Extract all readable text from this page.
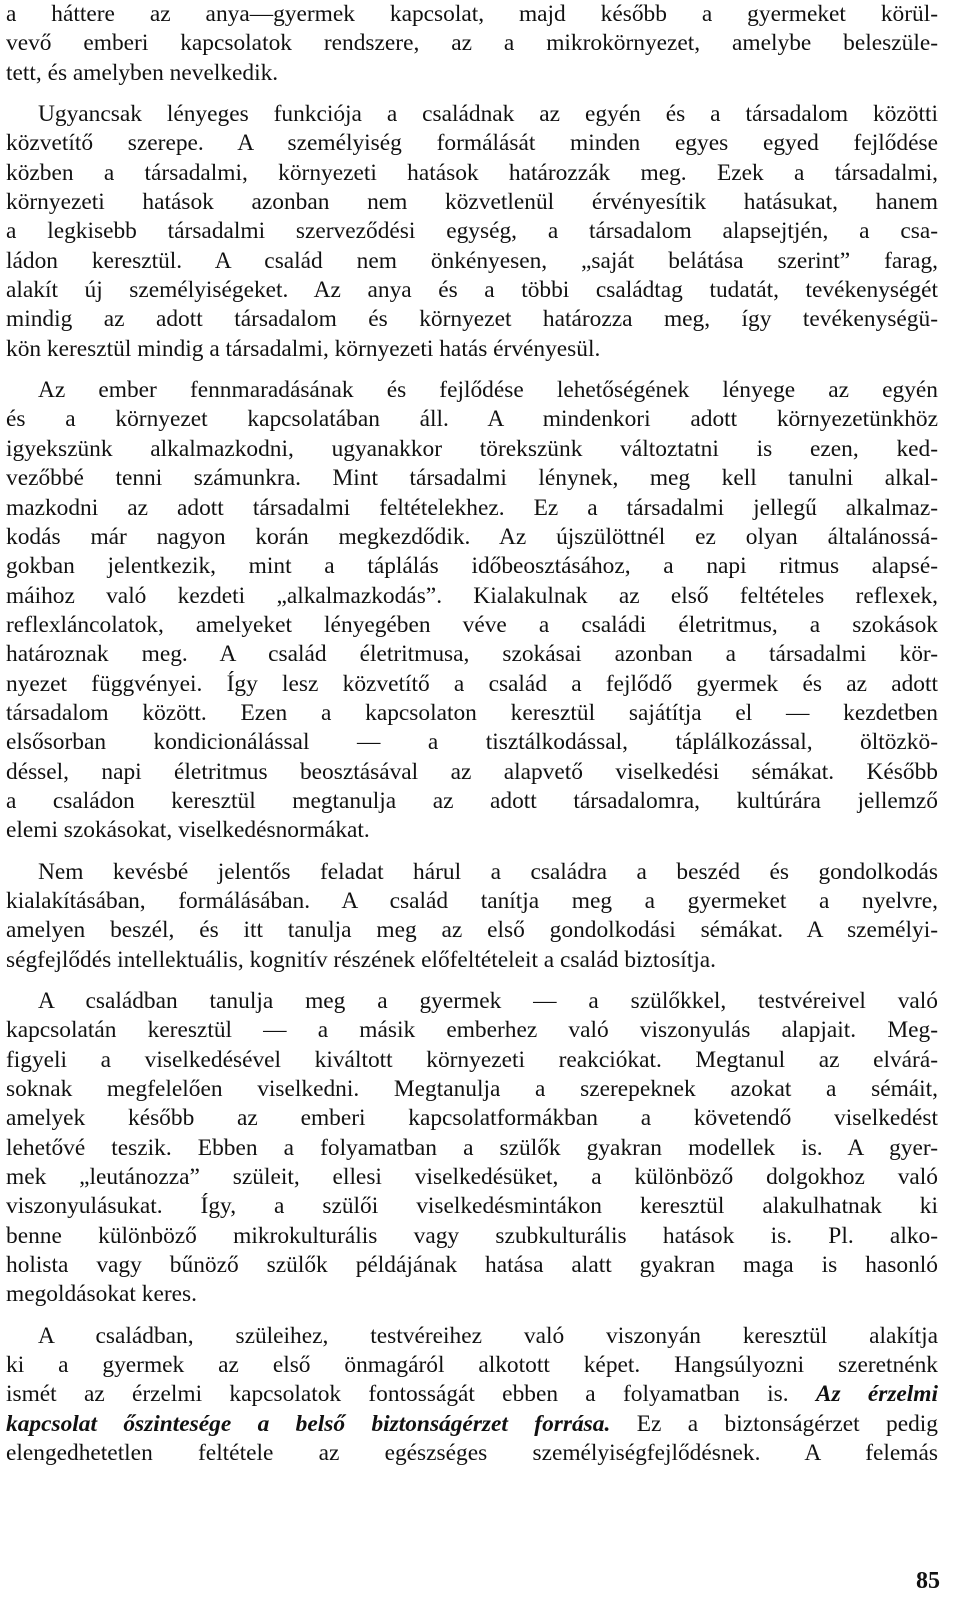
a háttere az anya—gyermek kapcsolat, majd később a gyermeket körül-
vevő emberi kapcsolatok rendszere, az a mikrokörnyezet, amelybe beleszüle-
tett, és amelyben nevelkedik.
Ugyancsak lényeges funkciója a családnak az egyén és a társadalom közötti
közvetítő szerepe. A személyiség formálását minden egyes egyed fejlődése
közben a társadalmi, környezeti hatások határozzák meg. Ezek a társadalmi,
környezeti hatások azonban nem közvetlenül érvényesítik hatásukat, hanem
a legkisebb társadalmi szerveződési egység, a társadalom alapsejtjén, a csa-
ládon keresztül. A család nem önkényesen, „saját belátása szerint” farag,
alakít új személyiségeket. Az anya és a többi családtag tudatát, tevékenységét
mindig az adott társadalom és környezet határozza meg, így tevékenységü-
kön keresztül mindig a társadalmi, környezeti hatás érvényesül.
Az ember fennmaradásának és fejlődése lehetőségének lényege az egyén
és a környezet kapcsolatában áll. A mindenkori adott környezetünkhöz
igyekszünk alkalmazkodni, ugyanakkor törekszünk változtatni is ezen, ked-
vezőbbé tenni számunkra. Mint társadalmi lénynek, meg kell tanulni alkal-
mazkodni az adott társadalmi feltételekhez. Ez a társadalmi jellegű alkalmaz-
kodás már nagyon korán megkezdődik. Az újszülöttnél ez olyan általánossá-
gokban jelentkezik, mint a táplálás időbeosztásához, a napi ritmus alapsé-
máihoz való kezdeti „alkalmazkodás”. Kialakulnak az első feltételes reflexek,
reflexláncolatok, amelyeket lényegében véve a családi életritmus, a szokások
határoznak meg. A család életritmusa, szokásai azonban a társadalmi kör-
nyezet függvényei. Így lesz közvetítő a család a fejlődő gyermek és az adott
társadalom között. Ezen a kapcsolaton keresztül sajátítja el — kezdetben
elsősorban kondicionálással — a tisztálkodással, táplálkozással, öltözkö-
déssel, napi életritmus beosztásával az alapvető viselkedési sémákat. Később
a családon keresztül megtanulja az adott társadalomra, kultúrára jellemző
elemi szokásokat, viselkedésnormákat.
Nem kevésbé jelentős feladat hárul a családra a beszéd és gondolkodás
kialakításában, formálásában. A család tanítja meg a gyermeket a nyelvre,
amelyen beszél, és itt tanulja meg az első gondolkodási sémákat. A személyi-
ségfejlődés intellektuális, kognitív részének előfeltételeit a család biztosítja.
A családban tanulja meg a gyermek — a szülőkkel, testvéreivel való
kapcsolatán keresztül — a másik emberhez való viszonyulás alapjait. Meg-
figyeli a viselkedésével kiváltott környezeti reakciókat. Megtanul az elvárá-
soknak megfelelően viselkedni. Megtanulja a szerepeknek azokat a sémáit,
amelyek később az emberi kapcsolatformákban a követendő viselkedést
lehetővé teszik. Ebben a folyamatban a szülők gyakran modellek is. A gyer-
mek „leutánozza” szüleit, ellesi viselkedésüket, a különböző dolgokhoz való
viszonyulásukat. Így, a szülői viselkedésmintákon keresztül alakulhatnak ki
benne különböző mikrokulturális vagy szubkulturális hatások is. Pl. alko-
holista vagy bűnöző szülők példájának hatása alatt gyakran maga is hasonló
megoldásokat keres.
A családban, szüleihez, testvéreihez való viszonyán keresztül alakítja
ki a gyermek az első önmagáról alkotott képet. Hangsúlyozni szeretnénk
ismét az érzelmi kapcsolatok fontosságát ebben a folyamatban is. Az érzelmi
kapcsolat őszintesége a belső biztonságérzet forrása. Ez a biztonságérzet pedig
elengedhetetlen feltétele az egészséges személyiségfejlődésnek. A felemás
85
